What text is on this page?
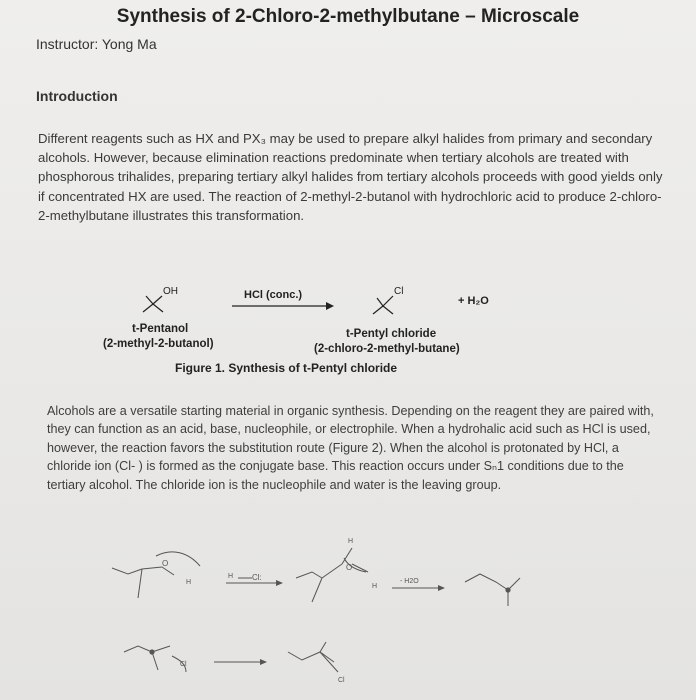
Synthesis of 2-Chloro-2-methylbutane – Microscale
Instructor: Yong Ma
Introduction

Different reagents such as HX and PX₃ may be used to prepare alkyl halides from primary and secondary alcohols. However, because elimination reactions predominate when tertiary alcohols are treated with phosphorous trihalides, preparing tertiary alkyl halides from tertiary alcohols proceeds with good yields only if concentrated HX are used. The reaction of 2-methyl-2-butanol with hydrochloric acid to produce 2-chloro-2-methylbutane illustrates this transformation.

OH	HCl (conc.)	Cl
+ H₂O
t-Pentanol
(2-methyl-2-butanol)
t-Pentyl chloride
(2-chloro-2-methyl-butane)
Figure 1. Synthesis of t-Pentyl chloride

Alcohols are a versatile starting material in organic synthesis. Depending on the reagent they are paired with, they can function as an acid, base, nucleophile, or electrophile. When a hydrohalic acid such as HCl is used, however, the reaction favors the substitution route (Figure 2). When the alcohol is protonated by HCl, a chloride ion (Cl- ) is formed as the conjugate base. This reaction occurs under Sₙ1 conditions due to the tertiary alcohol. The chloride ion is the nucleophile and water is the leaving group.

O
H
H Cl:
H
O
H
- H2O
Cl
Cl
